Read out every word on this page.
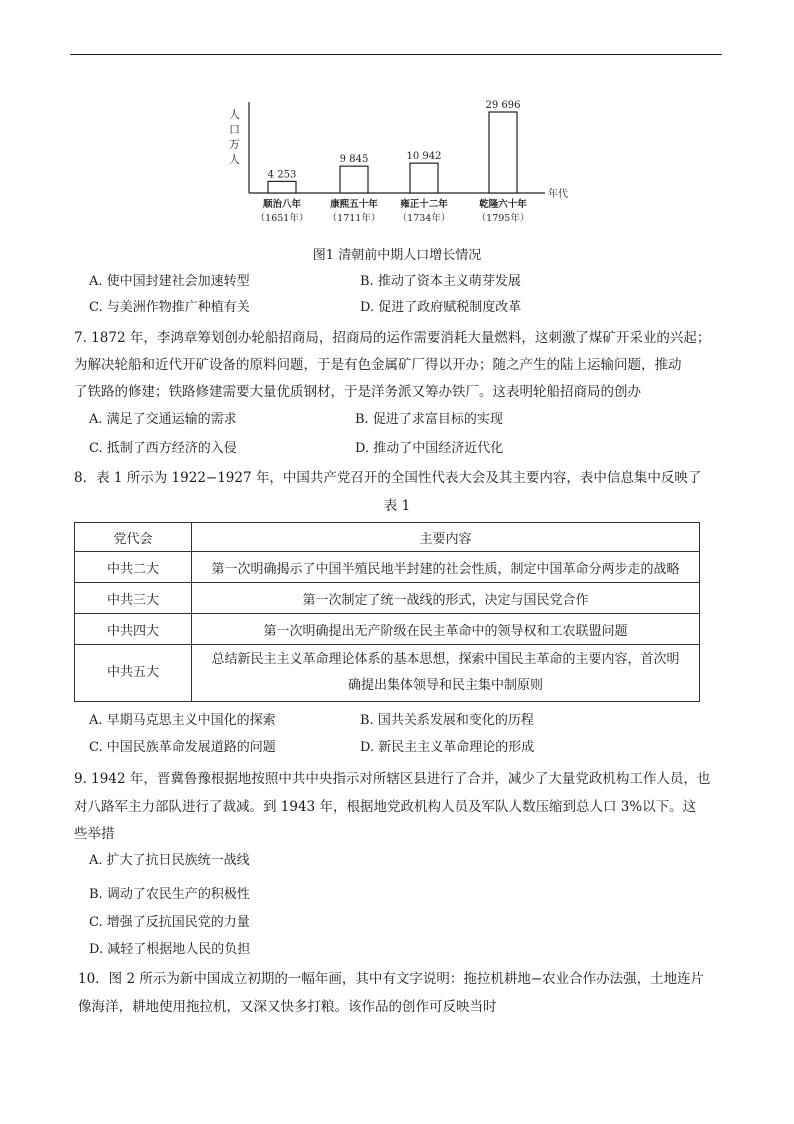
人口万人
4 253
顺治八年
（1651年）
9 845
康熙五十年
（1711年）
10 942
雍正十二年
（1734年）
29 696
乾隆六十年
（1795年）
年代
图1 清朝前中期人口增长情况
A. 使中国封建社会加速转型	B. 推动了资本主义萌芽发展
C. 与美洲作物推广种植有关	D. 促进了政府赋税制度改革
7. 1872 年，李鸿章筹划创办轮船招商局，招商局的运作需要消耗大量燃料，这刺激了煤矿开采业的兴起；
为解决轮船和近代开矿设备的原料问题，于是有色金属矿厂得以开办；随之产生的陆上运输问题，推动
了铁路的修建；铁路修建需要大量优质钢材，于是洋务派又筹办铁厂。这表明轮船招商局的创办
A. 满足了交通运输的需求	B. 促进了求富目标的实现
C. 抵制了西方经济的入侵	D. 推动了中国经济近代化
8．表 1 所示为 1922−1927 年，中国共产党召开的全国性代表大会及其主要内容，表中信息集中反映了
表 1
党代会	主要内容
中共二大	第一次明确揭示了中国半殖民地半封建的社会性质，制定中国革命分两步走的战略
中共三大	第一次制定了统一战线的形式，决定与国民党合作
中共四大	第一次明确提出无产阶级在民主革命中的领导权和工农联盟问题
中共五大	总结新民主主义革命理论体系的基本思想，探索中国民主革命的主要内容，首次明
确提出集体领导和民主集中制原则
A. 早期马克思主义中国化的探索	B. 国共关系发展和变化的历程
C. 中国民族革命发展道路的问题	D. 新民主主义革命理论的形成
9. 1942 年，晋冀鲁豫根据地按照中共中央指示对所辖区县进行了合并，减少了大量党政机构工作人员，也
对八路军主力部队进行了裁减。到 1943 年，根据地党政机构人员及军队人数压缩到总人口 3%以下。这
些举措
A. 扩大了抗日民族统一战线
B. 调动了农民生产的积极性
C. 增强了反抗国民党的力量
D. 减轻了根据地人民的负担
10．图 2 所示为新中国成立初期的一幅年画，其中有文字说明：拖拉机耕地−农业合作办法强，土地连片
像海洋，耕地使用拖拉机，又深又快多打粮。该作品的创作可反映当时
